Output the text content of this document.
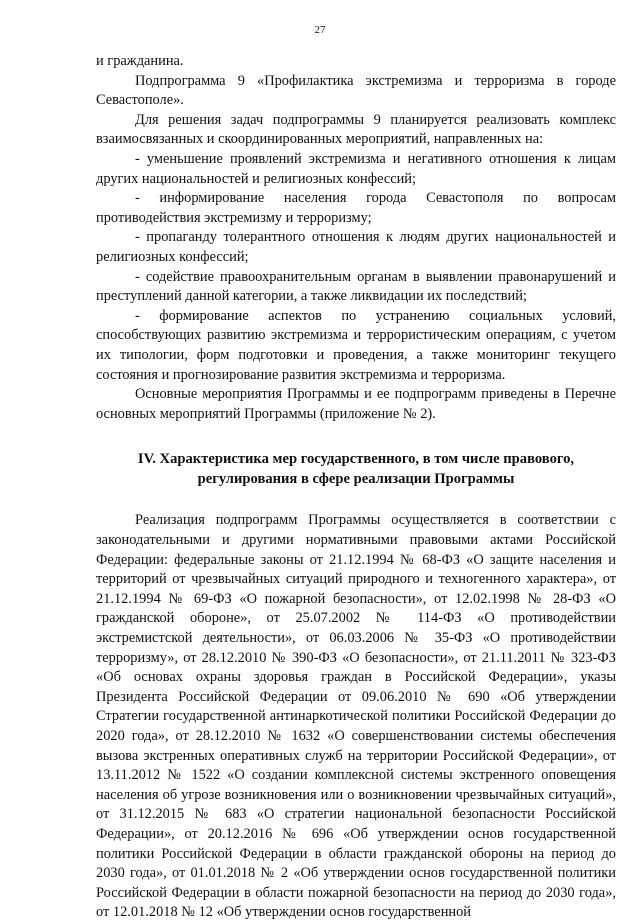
27

и гражданина.

Подпрограмма 9 «Профилактика экстремизма и терроризма в городе Севастополе».

Для решения задач подпрограммы 9 планируется реализовать комплекс взаимосвязанных и скоординированных мероприятий, направленных на:

- уменьшение проявлений экстремизма и негативного отношения к лицам других национальностей и религиозных конфессий;

- информирование населения города Севастополя по вопросам противодействия экстремизму и терроризму;

- пропаганду толерантного отношения к людям других национальностей и религиозных конфессий;

- содействие правоохранительным органам в выявлении правонарушений и преступлений данной категории, а также ликвидации их последствий;

- формирование аспектов по устранению социальных условий, способствующих развитию экстремизма и террористическим операциям, с учетом их типологии, форм подготовки и проведения, а также мониторинг текущего состояния и прогнозирование развития экстремизма и терроризма.

Основные мероприятия Программы и ее подпрограмм приведены в Перечне основных мероприятий Программы (приложение № 2).

IV. Характеристика мер государственного, в том числе правового,
регулирования в сфере реализации Программы

Реализация подпрограмм Программы осуществляется в соответствии с законодательными и другими нормативными правовыми актами Российской Федерации: федеральные законы от 21.12.1994 № 68-ФЗ «О защите населения и территорий от чрезвычайных ситуаций природного и техногенного характера», от 21.12.1994 № 69-ФЗ «О пожарной безопасности», от 12.02.1998 № 28-ФЗ «О гражданской обороне», от 25.07.2002 № 114-ФЗ «О противодействии экстремистской деятельности», от 06.03.2006 № 35-ФЗ «О противодействии терроризму», от 28.12.2010 № 390-ФЗ «О безопасности», от 21.11.2011 № 323-ФЗ «Об основах охраны здоровья граждан в Российской Федерации», указы Президента Российской Федерации от 09.06.2010 № 690 «Об утверждении Стратегии государственной антинаркотической политики Российской Федерации до 2020 года», от 28.12.2010 № 1632 «О совершенствовании системы обеспечения вызова экстренных оперативных служб на территории Российской Федерации», от 13.11.2012 № 1522 «О создании комплексной системы экстренного оповещения населения об угрозе возникновения или о возникновении чрезвычайных ситуаций», от 31.12.2015 № 683 «О стратегии национальной безопасности Российской Федерации», от 20.12.2016 № 696 «Об утверждении основ государственной политики Российской Федерации в области гражданской обороны на период до 2030 года», от 01.01.2018 № 2 «Об утверждении основ государственной политики Российской Федерации в области пожарной безопасности на период до 2030 года», от 12.01.2018 № 12 «Об утверждении основ государственной
